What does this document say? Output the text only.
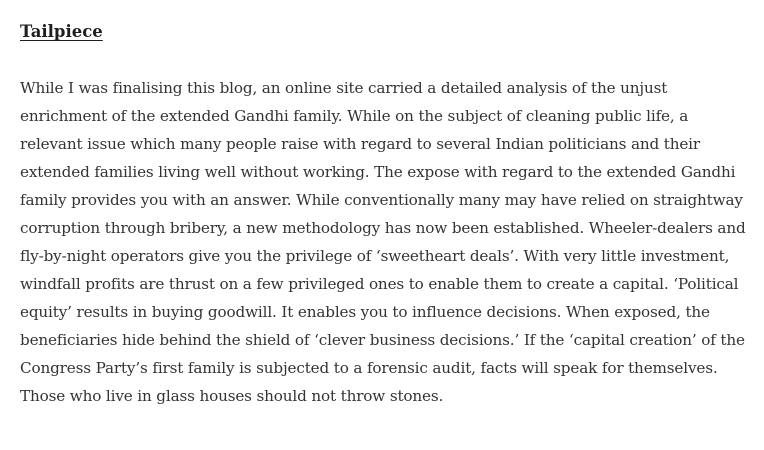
Tailpiece

While I was finalising this blog, an online site carried a detailed analysis of the unjust enrichment of the extended Gandhi family. While on the subject of cleaning public life, a relevant issue which many people raise with regard to several Indian politicians and their extended families living well without working. The expose with regard to the extended Gandhi family provides you with an answer. While conventionally many may have relied on straightway corruption through bribery, a new methodology has now been established. Wheeler-dealers and fly-by-night operators give you the privilege of ‘sweetheart deals’. With very little investment, windfall profits are thrust on a few privileged ones to enable them to create a capital. ‘Political equity’ results in buying goodwill. It enables you to influence decisions. When exposed, the beneficiaries hide behind the shield of ‘clever business decisions.’ If the ‘capital creation’ of the Congress Party’s first family is subjected to a forensic audit, facts will speak for themselves. Those who live in glass houses should not throw stones.
